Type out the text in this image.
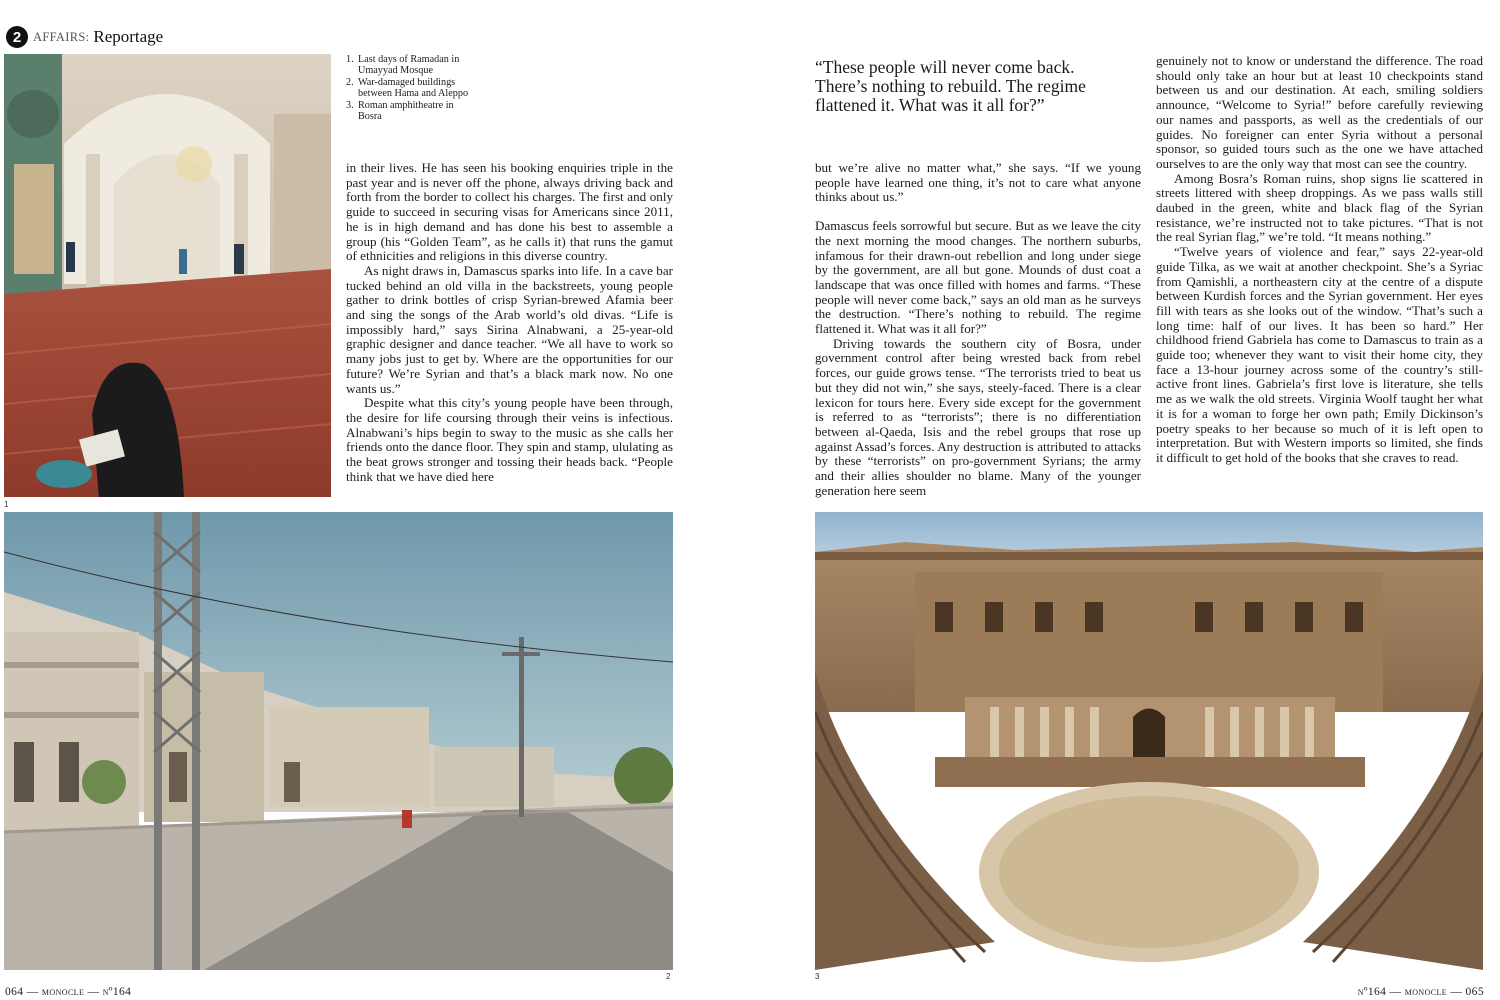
2 AFFAIRS: Reportage
1
1. Last days of Ramadan in Umayyad Mosque
2. War-damaged buildings between Hama and Aleppo
3. Roman amphitheatre in Bosra

in their lives. He has seen his booking enquiries triple in the past year and is never off the phone, always driving back and forth from the border to collect his charges. The first and only guide to succeed in securing visas for Americans since 2011, he is in high demand and has done his best to assemble a group (his “Golden Team”, as he calls it) that runs the gamut of ethnicities and religions in this diverse country.

As night draws in, Damascus sparks into life. In a cave bar tucked behind an old villa in the backstreets, young people gather to drink bottles of crisp Syrian-brewed Afamia beer and sing the songs of the Arab world’s old divas. “Life is impossibly hard,” says Sirina Alnabwani, a 25-year-old graphic designer and dance teacher. “We all have to work so many jobs just to get by. Where are the opportunities for our future? We’re Syrian and that’s a black mark now. No one wants us.”

Despite what this city’s young people have been through, the desire for life coursing through their veins is infectious. Alnabwani’s hips begin to sway to the music as she calls her friends onto the dance floor. They spin and stamp, ululating as the beat grows stronger and tossing their heads back. “People think that we have died here

“These people will never come back. There’s nothing to rebuild. The regime flattened it. What was it all for?”

but we’re alive no matter what,” she says. “If we young people have learned one thing, it’s not to care what anyone thinks about us.”

Damascus feels sorrowful but secure. But as we leave the city the next morning the mood changes. The northern suburbs, infamous for their drawn-out rebellion and long under siege by the government, are all but gone. Mounds of dust coat a landscape that was once filled with homes and farms. “These people will never come back,” says an old man as he surveys the destruction. “There’s nothing to rebuild. The regime flattened it. What was it all for?”

Driving towards the southern city of Bosra, under government control after being wrested back from rebel forces, our guide grows tense. “The terrorists tried to beat us but they did not win,” she says, steely-faced. There is a clear lexicon for tours here. Every side except for the government is referred to as “terrorists”; there is no differentiation between al-Qaeda, Isis and the rebel groups that rose up against Assad’s forces. Any destruction is attributed to attacks by these “terrorists” on pro-government Syrians; the army and their allies shoulder no blame. Many of the younger generation here seem

genuinely not to know or understand the difference. The road should only take an hour but at least 10 checkpoints stand between us and our destination. At each, smiling soldiers announce, “Welcome to Syria!” before carefully reviewing our names and passports, as well as the credentials of our guides. No foreigner can enter Syria without a personal sponsor, so guided tours such as the one we have attached ourselves to are the only way that most can see the country.

Among Bosra’s Roman ruins, shop signs lie scattered in streets littered with sheep droppings. As we pass walls still daubed in the green, white and black flag of the Syrian resistance, we’re instructed not to take pictures. “That is not the real Syrian flag,” we’re told. “It means nothing.”

“Twelve years of violence and fear,” says 22-year-old guide Tilka, as we wait at another checkpoint. She’s a Syriac from Qamishli, a northeastern city at the centre of a dispute between Kurdish forces and the Syrian government. Her eyes fill with tears as she looks out of the window. “That’s such a long time: half of our lives. It has been so hard.” Her childhood friend Gabriela has come to Damascus to train as a guide too; whenever they want to visit their home city, they face a 13-hour journey across some of the country’s still-active front lines. Gabriela’s first love is literature, she tells me as we walk the old streets. Virginia Woolf taught her what it is for a woman to forge her own path; Emily Dickinson’s poetry speaks to her because so much of it is left open to interpretation. But with Western imports so limited, she finds it difficult to get hold of the books that she craves to read.

2	3
064 — monocle — nº164	nº164 — monocle — 065
